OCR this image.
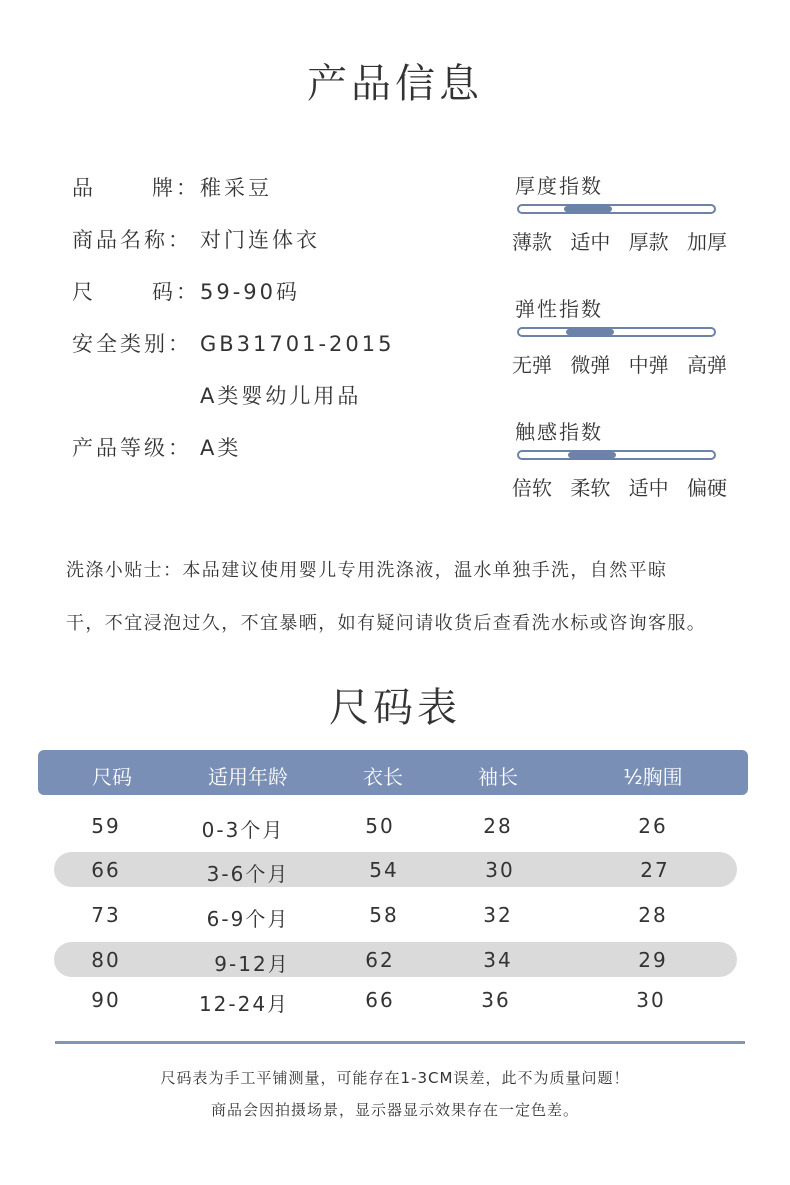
产品信息
品	牌：稚采豆
商品名称： 对门连体衣
尺	码：59-90码
安全类别： GB31701-2015
A类婴幼儿用品
产品等级： A类
厚度指数
薄款 适中 厚款 加厚
弹性指数
无弹 微弹 中弹 高弹
触感指数
倍软 柔软 适中 偏硬
洗涤小贴士：本品建议使用婴儿专用洗涤液，温水单独手洗，自然平晾
干，不宜浸泡过久，不宜暴晒，如有疑问请收货后查看洗水标或咨询客服。
尺码表
尺码	适用年龄	衣长	袖长	½胸围
59	0-3个月	50	28	26
66	3-6个月	54	30	27
73	6-9个月	58	32	28
80	9-12月	62	34	29
90	12-24月	66	36	30
尺码表为手工平铺测量，可能存在1-3CM误差，此不为质量问题！
商品会因拍摄场景，显示器显示效果存在一定色差。
